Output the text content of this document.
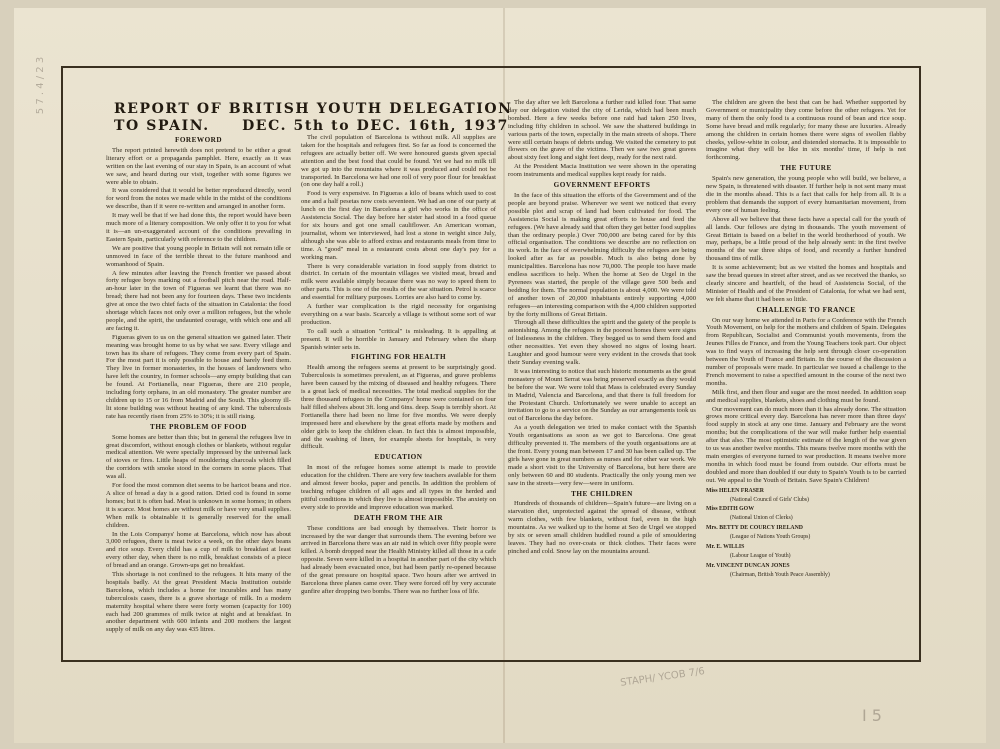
5 7 . 4 / 2 3
STAPH/ YCOB 7/6
I 5
REPORT OF BRITISH YOUTH DELEGATION
TO SPAIN.     DEC. 5th to DEC. 16th, 1937
FOREWORD

The report printed herewith does not pretend to be either a great literary effort or a propaganda pamphlet. Here, exactly as it was written on the last evening of our stay in Spain, is an account of what we saw, and heard during our visit, together with some figures we were able to obtain.

It was considered that it would be better reproduced directly, word for word from the notes we made while in the midst of the conditions we describe, than if it were re-written and arranged in another form.

It may well be that if we had done this, the report would have been much more of a literary composition. We only offer it to you for what it is—an un-exaggerated account of the conditions prevailing in Eastern Spain, particularly with reference to the children.

We are positive that young people in Britain will not remain idle or unmoved in face of the terrible threat to the future manhood and womanhood of Spain.

A few minutes after leaving the French frontier we passed about forty refugee boys marking out a football pitch near the road. Half-an-hour later in the town of Figueras we learnt that there was no bread; there had not been any for fourteen days. These two incidents give at once the two chief facts of the situation in Catalonia: the food shortage which faces not only over a million refugees, but the whole people, and the spirit, the undaunted courage, with which one and all are facing it.

Figueras given to us on the general situation we gained later. Their meaning was brought home to us by what we saw. Every village and town has its share of refugees. They come from every part of Spain. For the most part it is only possible to house and barely feed them. They live in former monasteries, in the houses of landowners who have left the country, in former schools—any empty building that can be found. At Fortianella, near Figueras, there are 210 people, including forty orphans, in an old monastery. The greater number are children up to 15 or 16 from Madrid and the South. This gloomy ill-lit stone building was without heating of any kind. The tuberculosis rate has recently risen from 25% to 30%; it is still rising.

THE PROBLEM OF FOOD

Some homes are better than this; but in general the refugees live in great discomfort, without enough clothes or blankets, without regular medical attention. We were specially impressed by the universal lack of stoves or fires. Little heaps of mouldering charcoals which filled the corridors with smoke stood in the corners in some places. That was all.

For food the most common diet seems to be haricot beans and rice. A slice of bread a day is a good ration. Dried cod is found in some homes; but it is often bad. Meat is unknown in some homes; in others it is scarce. Most homes are without milk or have very small supplies. When milk is obtainable it is generally reserved for the small children.

In the Lois Companys' home at Barcelona, which now has about 3,000 refugees, there is meat twice a week, on the other days beans and rice soup. Every child has a cup of milk to breakfast at least every other day, when there is no milk, breakfast consists of a piece of bread and an orange. Grown-ups get no breakfast.

This shortage is not confined to the refugees. It hits many of the hospitals badly. At the great President Macia Institution outside Barcelona, which includes a home for incurables and has many tuberculosis cases, there is a grave shortage of milk. In a modern maternity hospital where there were forty women (capacity for 100) each had 200 grammes of milk twice at night and at breakfast. In another department with 600 infants and 200 mothers the largest supply of milk on any day was 435 litres.

The civil population of Barcelona is without milk. All supplies are taken for the hospitals and refugees first. So far as food is concerned the refugees are actually better off. We were honoured guests given special attention and the best food that could be found. Yet we had no milk till we got up into the mountains where it was produced and could not be transported. In Barcelona we had one roll of very poor flour for breakfast (on one day half a roll.)

Food is very expensive. In Figueras a kilo of beans which used to cost one and a half pesetas now costs seventeen. We had an one of our party at lunch on the first day in Barcelona a girl who works in the office of Assistencia Social. The day before her sister had stood in a food queue for six hours and got one small cauliflower. An American woman, journalist, whom we interviewed, had lost a stone in weight since July, although she was able to afford extras and restaurants meals from time to time. A "good" meal in a restaurant costs about one day's pay for a working man.

There is very considerable variation in food supply from district to district. In certain of the mountain villages we visited meat, bread and milk were available simply because there was no way to speed them to other parts. This is one of the results of the war situation. Petrol is scarce and essential for military purposes. Lorries are also hard to come by.

A further war complication is the rigid necessity for organising everything on a war basis. Scarcely a village is without some sort of war production.

To call such a situation "critical" is misleading. It is appalling at present. It will be horrible in January and February when the sharp Spanish winter sets in.

FIGHTING FOR HEALTH

Health among the refugees seems at present to be surprisingly good. Tuberculosis is sometimes prevalent, as at Figueras, and grave problems have been caused by the mixing of diseased and healthy refugees. There is a great lack of medical necessities. The total medical supplies for the three thousand refugees in the Companys' home were contained on four half filled shelves about 3ft. long and 6ins. deep. Soap is terribly short. At Fortianella there had been no lime for five months. We were deeply impressed here and elsewhere by the great efforts made by mothers and older girls to keep the children clean. In fact this is almost impossible, and the washing of linen, for example sheets for hospitals, is very difficult.

EDUCATION

In most of the refugee homes some attempt is made to provide education for the children. There are very few teachers available for them and almost fewer books, paper and pencils. In addition the problem of teaching refugee children of all ages and all types in the herded and pitiful conditions in which they live is almost impossible. The anxiety on every side to provide and improve education was marked.

DEATH FROM THE AIR

These conditions are bad enough by themselves. Their horror is increased by the war danger that surrounds them. The evening before we arrived in Barcelona there was an air raid in which over fifty people were killed. A bomb dropped near the Health Ministry killed all those in a cafe opposite. Seven were killed in a hospital in another part of the city which had already been evacuated once, but had been partly re-opened because of the great pressure on hospital space. Two hours after we arrived in Barcelona three planes came over. They were forced off by very accurate gunfire after dropping two bombs. There was no further loss of life.

The day after we left Barcelona a further raid killed four. That same day our delegation visited the city of Lerida, which had been much bombed. Here a few weeks before one raid had taken 250 lives, including fifty children in school. We saw the shattered buildings in various parts of the town, especially in the main streets of shops. There were still certain heaps of debris undug. We visited the cemetery to put flowers on the grave of the victims. Then we saw two great graves about sixty feet long and sight feet deep, ready for the next raid.

At the President Macia Institution we were shown in the operating room instruments and medical supplies kept ready for raids.

GOVERNMENT EFFORTS

In the face of this situation the efforts of the Government and of the people are beyond praise. Wherever we went we noticed that every possible plot and scrap of land had been cultivated for food. The Assistencia Social is making great efforts to house and feed the refugees. (We have already said that often they get better food supplies than the ordinary people.) Over 700,000 are being cared for by this official organisation. The conditions we describe are no reflection on its work. In the face of overwhelming difficulty the refugees are being looked after as far as possible. Much is also being done by municipalities. Barcelona has now 70,000. The people too have made endless sacrifices to help. When the home at Seo de Urgel in the Pyrenees was started, the people of the village gave 500 beds and bedding for them. The normal population is about 4,000. We were told of another town of 20,000 inhabitants entirely supporting 4,000 refugees—an interesting comparison with the 4,000 children supported by the forty millions of Great Britain.

Through all these difficulties the spirit and the gaiety of the people is astonishing. Among the refugees in the poorest homes there were signs of listlessness in the children. They begged us to send them food and other necessities. Yet even they showed no signs of losing heart. Laughter and good humour were very evident in the crowds that took their Sunday evening walk.

It was interesting to notice that such historic monuments as the great monastery of Mount Serrat was being preserved exactly as they would be before the war. We were told that Mass is celebrated every Sunday in Madrid, Valencia and Barcelona, and that there is full freedom for the Protestant Church. Unfortunately we were unable to accept an invitation to go to a service on the Sunday as our arrangements took us out of Barcelona the day before.

As a youth delegation we tried to make contact with the Spanish Youth organisations as soon as we got to Barcelona. One great difficulty prevented it. The members of the youth organisations are at the front. Every young man between 17 and 30 has been called up. The girls have gone in great numbers as nurses and for other war work. We made a short visit to the University of Barcelona, but here there are only between 60 and 80 students. Practically the only young men we saw in the streets—very few—were in uniform.

THE CHILDREN

Hundreds of thousands of children—Spain's future—are living on a starvation diet, unprotected against the spread of disease, without warm clothes, with few blankets, without fuel, even in the high mountains. As we walked up to the home at Seo de Urgel we stopped by six or seven small children huddled round a pile of smouldering leaves. They had no over-coats or thick clothes. Their faces were pinched and cold. Snow lay on the mountains around.

The children are given the best that can be had. Whether supported by Government or municipality they come before the other refugees. Yet for many of them the only food is a continuous round of bean and rice soup. Some have bread and milk regularly; for many these are luxuries. Already among the children in certain homes there were signs of swollen flabby cheeks, yellow-white in colour, and distended stomachs. It is impossible to imagine what they will be like in six months' time, if help is not forthcoming.

THE FUTURE

Spain's new generation, the young people who will build, we believe, a new Spain, is threatened with disaster. If further help is not sent many must die in the months ahead. This is a fact that calls for help from all. It is a problem that demands the support of every humanitarian movement, from every one of human feeling.

Above all we believe that these facts have a special call for the youth of all lands. Our fellows are dying in thousands. The youth movement of Great Britain is based on a belief in the world brotherhood of youth. We may, perhaps, be a little proud of the help already sent: in the first twelve months of the war three ships of food, and recently a further hundred thousand tins of milk.

It is some achievement; but as we visited the homes and hospitals and saw the bread queues in street after street, and as we received the thanks, so clearly sincere and heartfelt, of the head of Assistencia Social, of the Minister of Health and of the President of Catalonia, for what we had sent, we felt shame that it had been so little.

CHALLENGE TO FRANCE

On our way home we attended in Paris for a Conference with the French Youth Movement, on help for the mothers and children of Spain. Delegates from Republican, Socialist and Communist youth movements, from the Jeunes Filles de France, and from the Young Teachers took part. Our object was to find ways of increasing the help sent through closer co-operation between the Youth of France and Britain. In the course of the discussion a number of proposals were made. In particular we issued a challenge to the French movement to raise a specified amount in the course of the next two months.

Milk first, and then flour and sugar are the most needed. In addition soap and medical supplies, blankets, shoes and clothing must be found.

Our movement can do much more than it has already done. The situation grows more critical every day. Barcelona has never more than three days' food supply in stock at any one time. January and February are the worst months; but the complications of the war will make further help essential after that also. The most optimistic estimate of the length of the war given to us was another twelve months. This means twelve more months with the main energies of everyone turned to war production. It means twelve more months in which food must be found from outside. Our efforts must be doubled and more than doubled if our duty to Spain's Youth is to be carried out. We appeal to the Youth of Britain. Save Spain's Children!

Miss HELEN FRASER

(National Council of Girls' Clubs)

Miss EDITH GOW

(National Union of Clerks)

Mrs. BETTY DE COURCY IRELAND

(League of Nations Youth Groups)

Mr. E. WILLIS

(Labour League of Youth)

Mr. VINCENT DUNCAN JONES

(Chairman, British Youth Peace Assembly)
